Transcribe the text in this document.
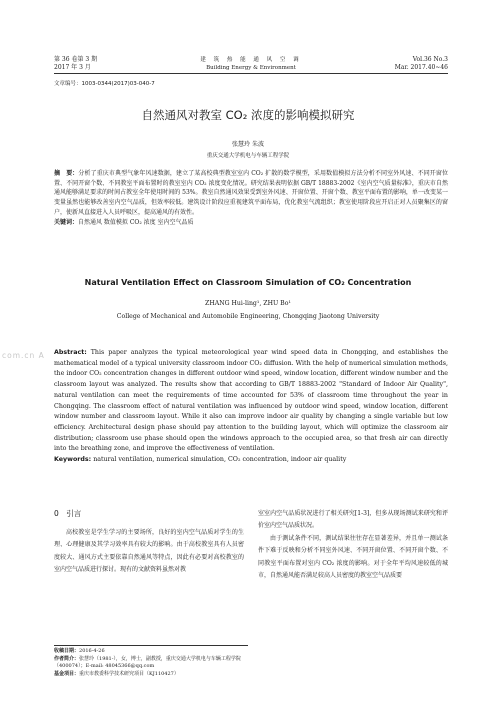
第 36 卷第 3 期
2017 年 3 月
建 筑 热 能 通 风 空 调
Building Energy & Environment
Vol.36 No.3
Mar. 2017.40~46
文章编号：1003-0344(2017)03-040-7
自然通风对教室 CO₂ 浓度的影响模拟研究
张慧玲 朱波
重庆交通大学机电与车辆工程学院
摘　要：分析了重庆市典型气象年风速数据，建立了某高校典型教室室内 CO₂ 扩散的数学模型，采用数值模拟方法分析不同室外风速、不同开窗位置、不同开窗个数、不同教室平面布置时的教室室内 CO₂ 浓度变化情况。研究结果表明依据 GB/T 18883-2002《室内空气质量标准》，重庆市自然通风能够满足要求的时间占教室全年使用时间的 53%。教室自然通风效果受到室外风速、开窗位置、开窗个数、教室平面布置的影响，单一改变某一变量虽然也能够改善室内空气品质，但效率较低。建筑设计阶段应重视建筑平面布局，优化教室气流组织；教室使用阶段应开启正对人员聚集区的窗户，使新风直接进入人员呼吸区，提高通风的有效性。
关键词：自然通风 数值模拟 CO₂ 浓度 室内空气品质
Natural Ventilation Effect on Classroom Simulation of CO₂ Concentration
ZHANG Hui-ling¹, ZHU Bo¹
College of Mechanical and Automobile Engineering, Chongqing Jiaotong University
com.cn A Abstract: This paper analyzes the typical meteorological year wind speed data in Chongqing, and establishes the mathematical model of a typical university classroom indoor CO₂ diffusion. With the help of numerical simulation methods, the indoor CO₂ concentration changes in different outdoor wind speed, window location, different window number and the classroom layout was analyzed. The results show that according to GB/T 18883-2002 "Standard of Indoor Air Quality", natural ventilation can meet the requirements of time accounted for 53% of classroom time throughout the year in Chongqing. The classroom effect of natural ventilation was influenced by outdoor wind speed, window location, different window number and classroom layout. While it also can improve indoor air quality by changing a single variable but low efficiency. Architectural design phase should pay attention to the building layout, which will optimize the classroom air distribution; classroom use phase should open the windows approach to the occupied area, so that fresh air can directly into the breathing zone, and improve the effectiveness of ventilation.
Keywords: natural ventilation, numerical simulation, CO₂ concentration, indoor air quality
0　引言

高校教室是学生学习的主要场所，良好的室内空气品质对学生的生理、心理健康及其学习效率具有较大的影响。由于高校教室具有人员密度较大、通风方式主要依靠自然通风等特点，因此有必要对高校教室的室内空气品质进行探讨。现有的文献资料虽然对教

室室内空气品质状况进行了相关研究[1-3]，但多从现场测试来研究和评价室内空气品质状况。

由于测试条件不同，测试结果往往存在显著差异，并且单一测试条件下难于反映和分析不同室外风速、不同开窗位置、不同开窗个数、不同教室平面布置对室内 CO₂ 浓度的影响。对于全年平均风速较低的城市，自然通风能否满足较高人员密度的教室空气品质要

收稿日期：2016-4-26
作者简介：张慧玲（1981-），女，博士，副教授，重庆交通大学机电与车辆工程学院（400074）；E-mail: 48045366@qq.com
基金项目：重庆市教委科学技术研究项目（KJ110427）
